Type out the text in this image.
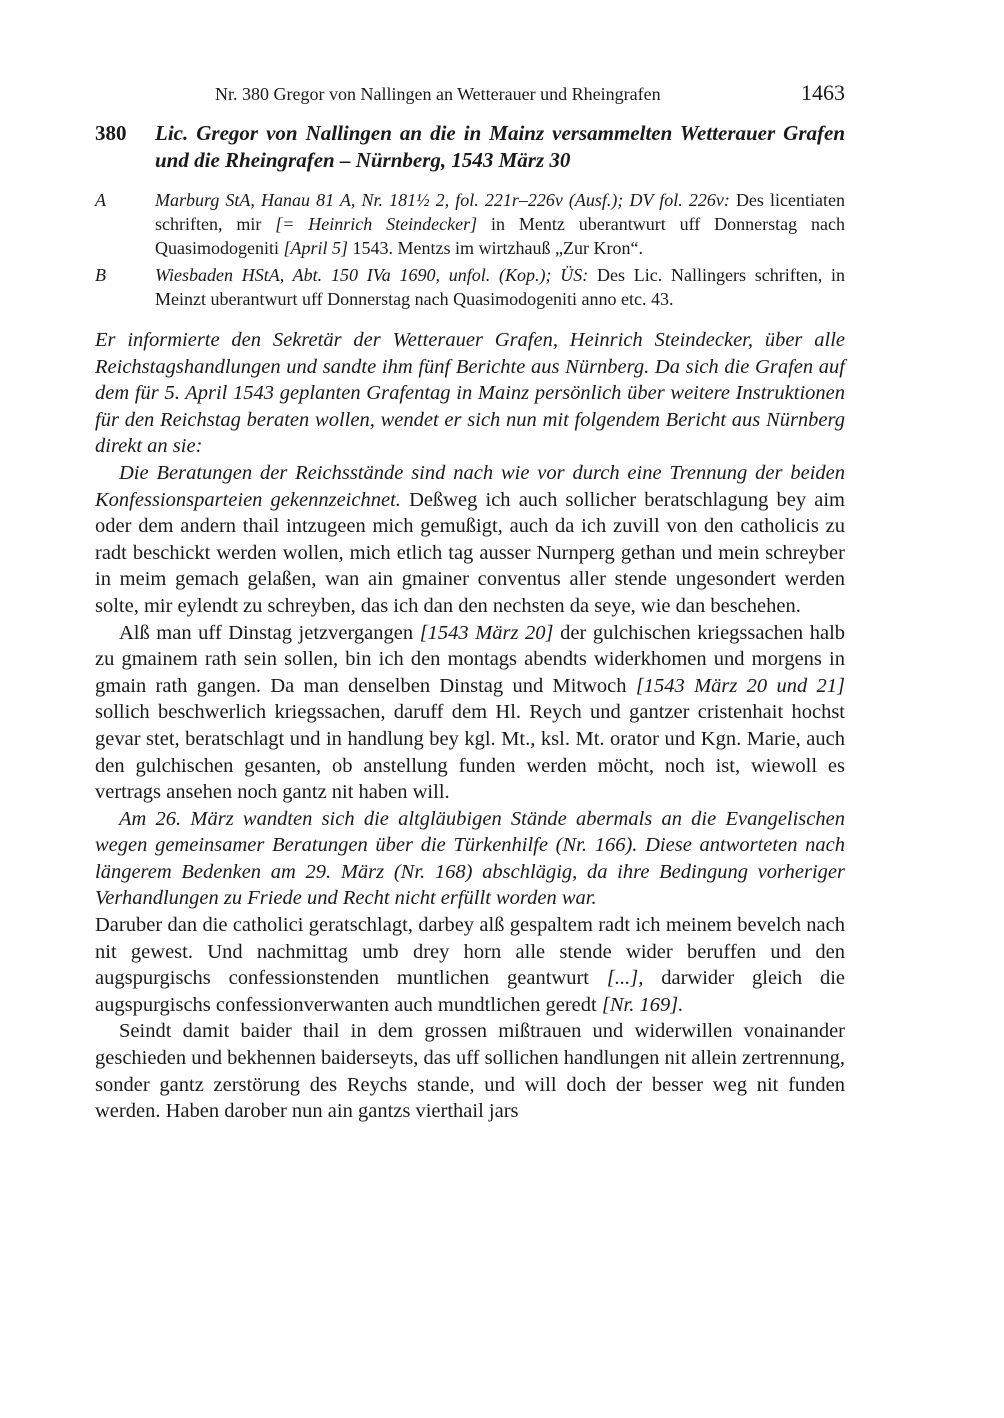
Nr. 380 Gregor von Nallingen an Wetterauer und Rheingrafen	1463
380	Lic. Gregor von Nallingen an die in Mainz versammelten Wetterauer Grafen und die Rheingrafen – Nürnberg, 1543 März 30
A	Marburg StA, Hanau 81 A, Nr. 181½ 2, fol. 221r–226v (Ausf.); DV fol. 226v: Des licentiaten schriften, mir [= Heinrich Steindecker] in Mentz uberantwurt uff Donnerstag nach Quasimodogeniti [April 5] 1543. Mentzs im wirtzhauß „Zur Kron“.
B	Wiesbaden HStA, Abt. 150 IVa 1690, unfol. (Kop.); ÜS: Des Lic. Nallingers schriften, in Meinzt uberantwurt uff Donnerstag nach Quasimodogeniti anno etc. 43.

Er informierte den Sekretär der Wetterauer Grafen, Heinrich Steindecker, über alle Reichstagshandlungen und sandte ihm fünf Berichte aus Nürnberg. Da sich die Grafen auf dem für 5. April 1543 geplanten Grafentag in Mainz persönlich über weitere Instruktionen für den Reichstag beraten wollen, wendet er sich nun mit folgendem Bericht aus Nürnberg direkt an sie:

Die Beratungen der Reichsstände sind nach wie vor durch eine Trennung der beiden Konfessionsparteien gekennzeichnet. Deßweg ich auch sollicher beratschlagung bey aim oder dem andern thail intzugeen mich gemußigt, auch da ich zuvill von den catholicis zu radt beschickt werden wollen, mich etlich tag ausser Nurnperg gethan und mein schreyber in meim gemach gelaßen, wan ain gmainer conventus aller stende ungesondert werden solte, mir eylendt zu schreyben, das ich dan den nechsten da seye, wie dan beschehen.

Alß man uff Dinstag jetzvergangen [1543 März 20] der gulchischen kriegssachen halb zu gmainem rath sein sollen, bin ich den montags abendts widerkhomen und morgens in gmain rath gangen. Da man denselben Dinstag und Mitwoch [1543 März 20 und 21] sollich beschwerlich kriegssachen, daruff dem Hl. Reych und gantzer cristenhait hochst gevar stet, beratschlagt und in handlung bey kgl. Mt., ksl. Mt. orator und Kgn. Marie, auch den gulchischen gesanten, ob anstellung funden werden möcht, noch ist, wiewoll es vertrags ansehen noch gantz nit haben will.

Am 26. März wandten sich die altgläubigen Stände abermals an die Evangelischen wegen gemeinsamer Beratungen über die Türkenhilfe (Nr. 166). Diese antworteten nach längerem Bedenken am 29. März (Nr. 168) abschlägig, da ihre Bedingung vorheriger Verhandlungen zu Friede und Recht nicht erfüllt worden war.

Daruber dan die catholici geratschlagt, darbey alß gespaltem radt ich meinem bevelch nach nit gewest. Und nachmittag umb drey horn alle stende wider beruffen und den augspurgischs confessionstenden muntlichen geantwurt [...], darwider gleich die augspurgischs confessionverwanten auch mundtlichen geredt [Nr. 169].

Seindt damit baider thail in dem grossen mißtrauen und widerwillen vonainander geschieden und bekhennen baiderseyts, das uff sollichen handlungen nit allein zertrennung, sonder gantz zerstörung des Reychs stande, und will doch der besser weg nit funden werden. Haben darober nun ain gantzs vierthail jars
